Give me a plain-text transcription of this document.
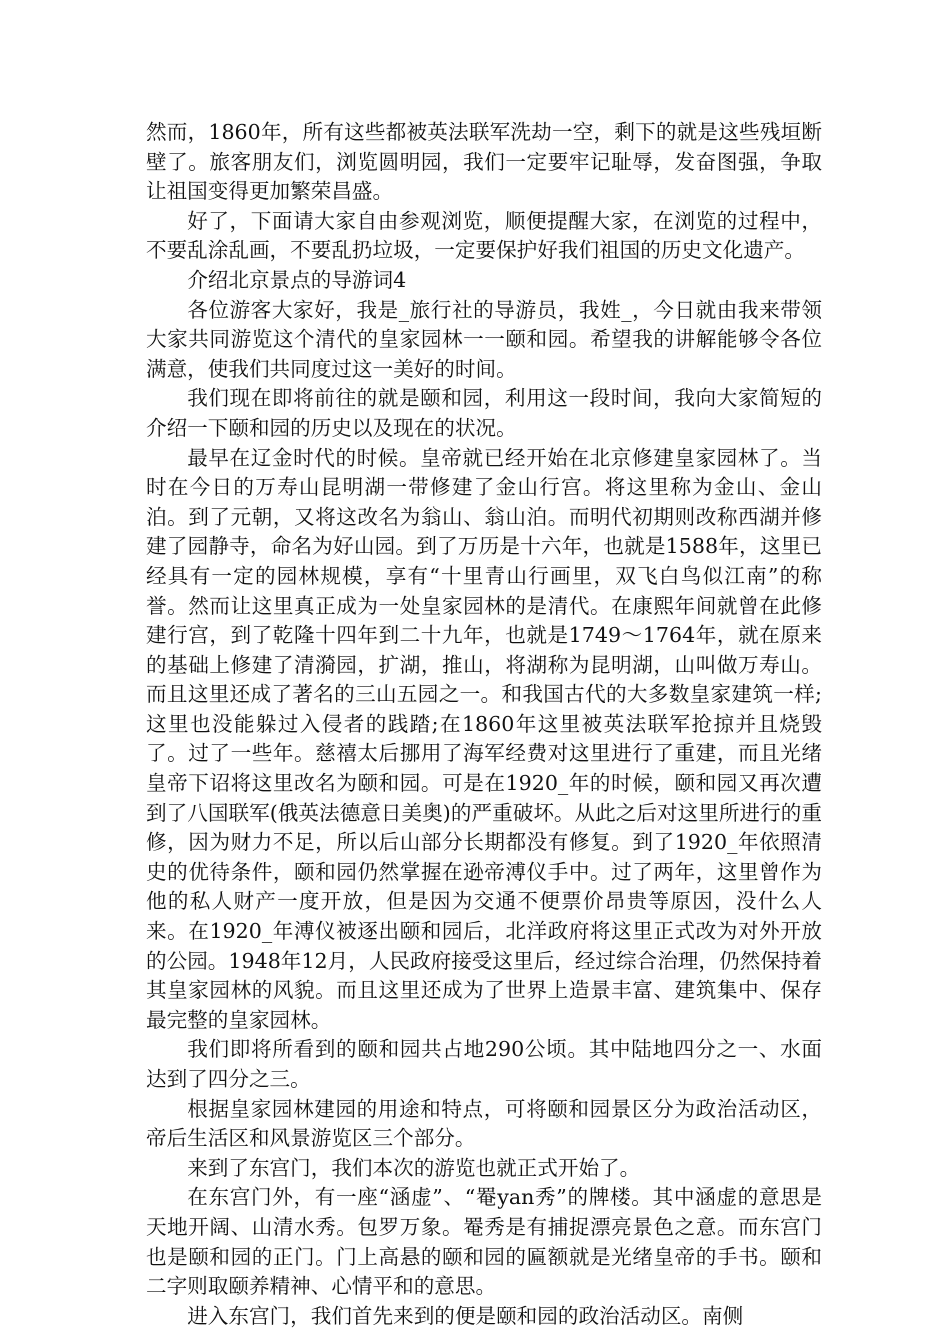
然而，1860年，所有这些都被英法联军洗劫一空，剩下的就是这些残垣断壁了。旅客朋友们，浏览圆明园，我们一定要牢记耻辱，发奋图强，争取让祖国变得更加繁荣昌盛。

好了，下面请大家自由参观浏览，顺便提醒大家，在浏览的过程中，不要乱涂乱画，不要乱扔垃圾，一定要保护好我们祖国的历史文化遗产。

介绍北京景点的导游词4

各位游客大家好，我是_旅行社的导游员，我姓_，今日就由我来带领大家共同游览这个清代的皇家园林一一颐和园。希望我的讲解能够令各位满意，使我们共同度过这一美好的时间。

我们现在即将前往的就是颐和园，利用这一段时间，我向大家简短的介绍一下颐和园的历史以及现在的状况。

最早在辽金时代的时候。皇帝就已经开始在北京修建皇家园林了。当时在今日的万寿山昆明湖一带修建了金山行宫。将这里称为金山、金山泊。到了元朝，又将这改名为翁山、翁山泊。而明代初期则改称西湖并修建了园静寺，命名为好山园。到了万历是十六年，也就是1588年，这里已经具有一定的园林规模，享有“十里青山行画里，双飞白鸟似江南”的称誉。然而让这里真正成为一处皇家园林的是清代。在康熙年间就曾在此修建行宫，到了乾隆十四年到二十九年，也就是1749～1764年，就在原来的基础上修建了清漪园，扩湖，推山，将湖称为昆明湖，山叫做万寿山。而且这里还成了著名的三山五园之一。和我国古代的大多数皇家建筑一样;这里也没能躲过入侵者的践踏;在1860年这里被英法联军抢掠并且烧毁了。过了一些年。慈禧太后挪用了海军经费对这里进行了重建，而且光绪皇帝下诏将这里改名为颐和园。可是在1920_年的时候，颐和园又再次遭到了八国联军(俄英法德意日美奥)的严重破坏。从此之后对这里所进行的重修，因为财力不足，所以后山部分长期都没有修复。到了1920_年依照清史的优待条件，颐和园仍然掌握在逊帝溥仪手中。过了两年，这里曾作为他的私人财产一度开放，但是因为交通不便票价昂贵等原因，没什么人来。在1920_年溥仪被逐出颐和园后，北洋政府将这里正式改为对外开放的公园。1948年12月，人民政府接受这里后，经过综合治理，仍然保持着其皇家园林的风貌。而且这里还成为了世界上造景丰富、建筑集中、保存最完整的皇家园林。

我们即将所看到的颐和园共占地290公顷。其中陆地四分之一、水面达到了四分之三。

根据皇家园林建园的用途和特点，可将颐和园景区分为政治活动区，帝后生活区和风景游览区三个部分。

来到了东宫门，我们本次的游览也就正式开始了。

在东宫门外，有一座“涵虚”、“罨yan秀”的牌楼。其中涵虚的意思是天地开阔、山清水秀。包罗万象。罨秀是有捕捉漂亮景色之意。而东宫门也是颐和园的正门。门上高悬的颐和园的匾额就是光绪皇帝的手书。颐和二字则取颐养精神、心情平和的意思。

进入东宫门，我们首先来到的便是颐和园的政治活动区。南侧
